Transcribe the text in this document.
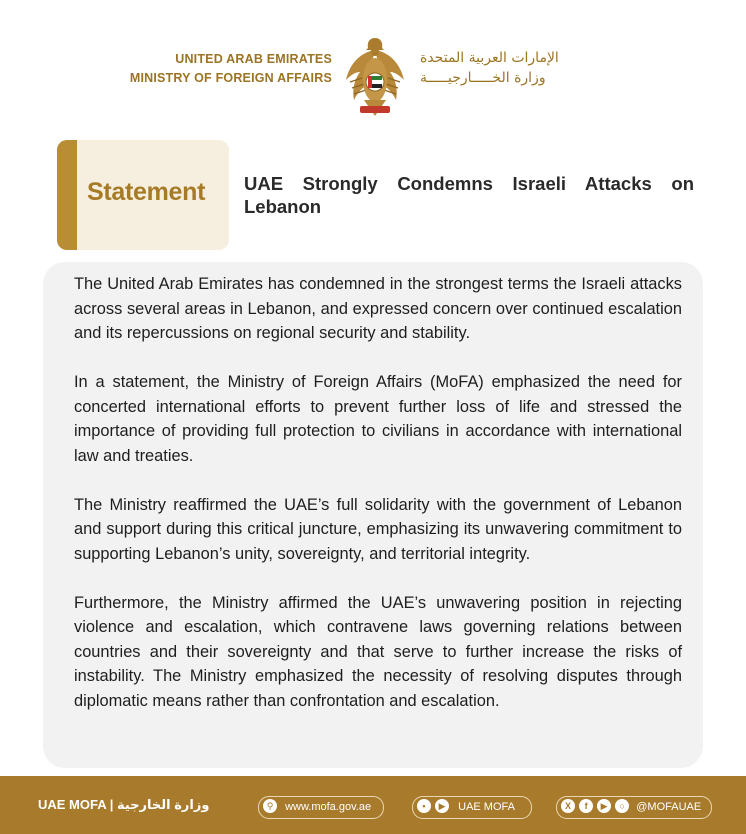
UNITED ARAB EMIRATES
MINISTRY OF FOREIGN AFFAIRS
الإمارات العربية المتحدة
وزارة الخـــــارجيـــــة
Statement UAE Strongly Condemns Israeli Attacks on Lebanon

The United Arab Emirates has condemned in the strongest terms the Israeli attacks across several areas in Lebanon, and expressed concern over continued escalation and its repercussions on regional security and stability.

In a statement, the Ministry of Foreign Affairs (MoFA) emphasized the need for concerted international efforts to prevent further loss of life and stressed the importance of providing full protection to civilians in accordance with international law and treaties.

The Ministry reaffirmed the UAE’s full solidarity with the government of Lebanon and support during this critical juncture, emphasizing its unwavering commitment to supporting Lebanon’s unity, sovereignty, and territorial integrity.

Furthermore, the Ministry affirmed the UAE’s unwavering position in rejecting violence and escalation, which contravene laws governing relations between countries and their sovereignty and that serve to further increase the risks of instability. The Ministry emphasized the necessity of resolving disputes through diplomatic means rather than confrontation and escalation.

UAE MOFA | وزارة الخارجية	⚲ www.mofa.gov.ae	• ▶ UAE MOFA	X f ▶ ○ @MOFAUAE
